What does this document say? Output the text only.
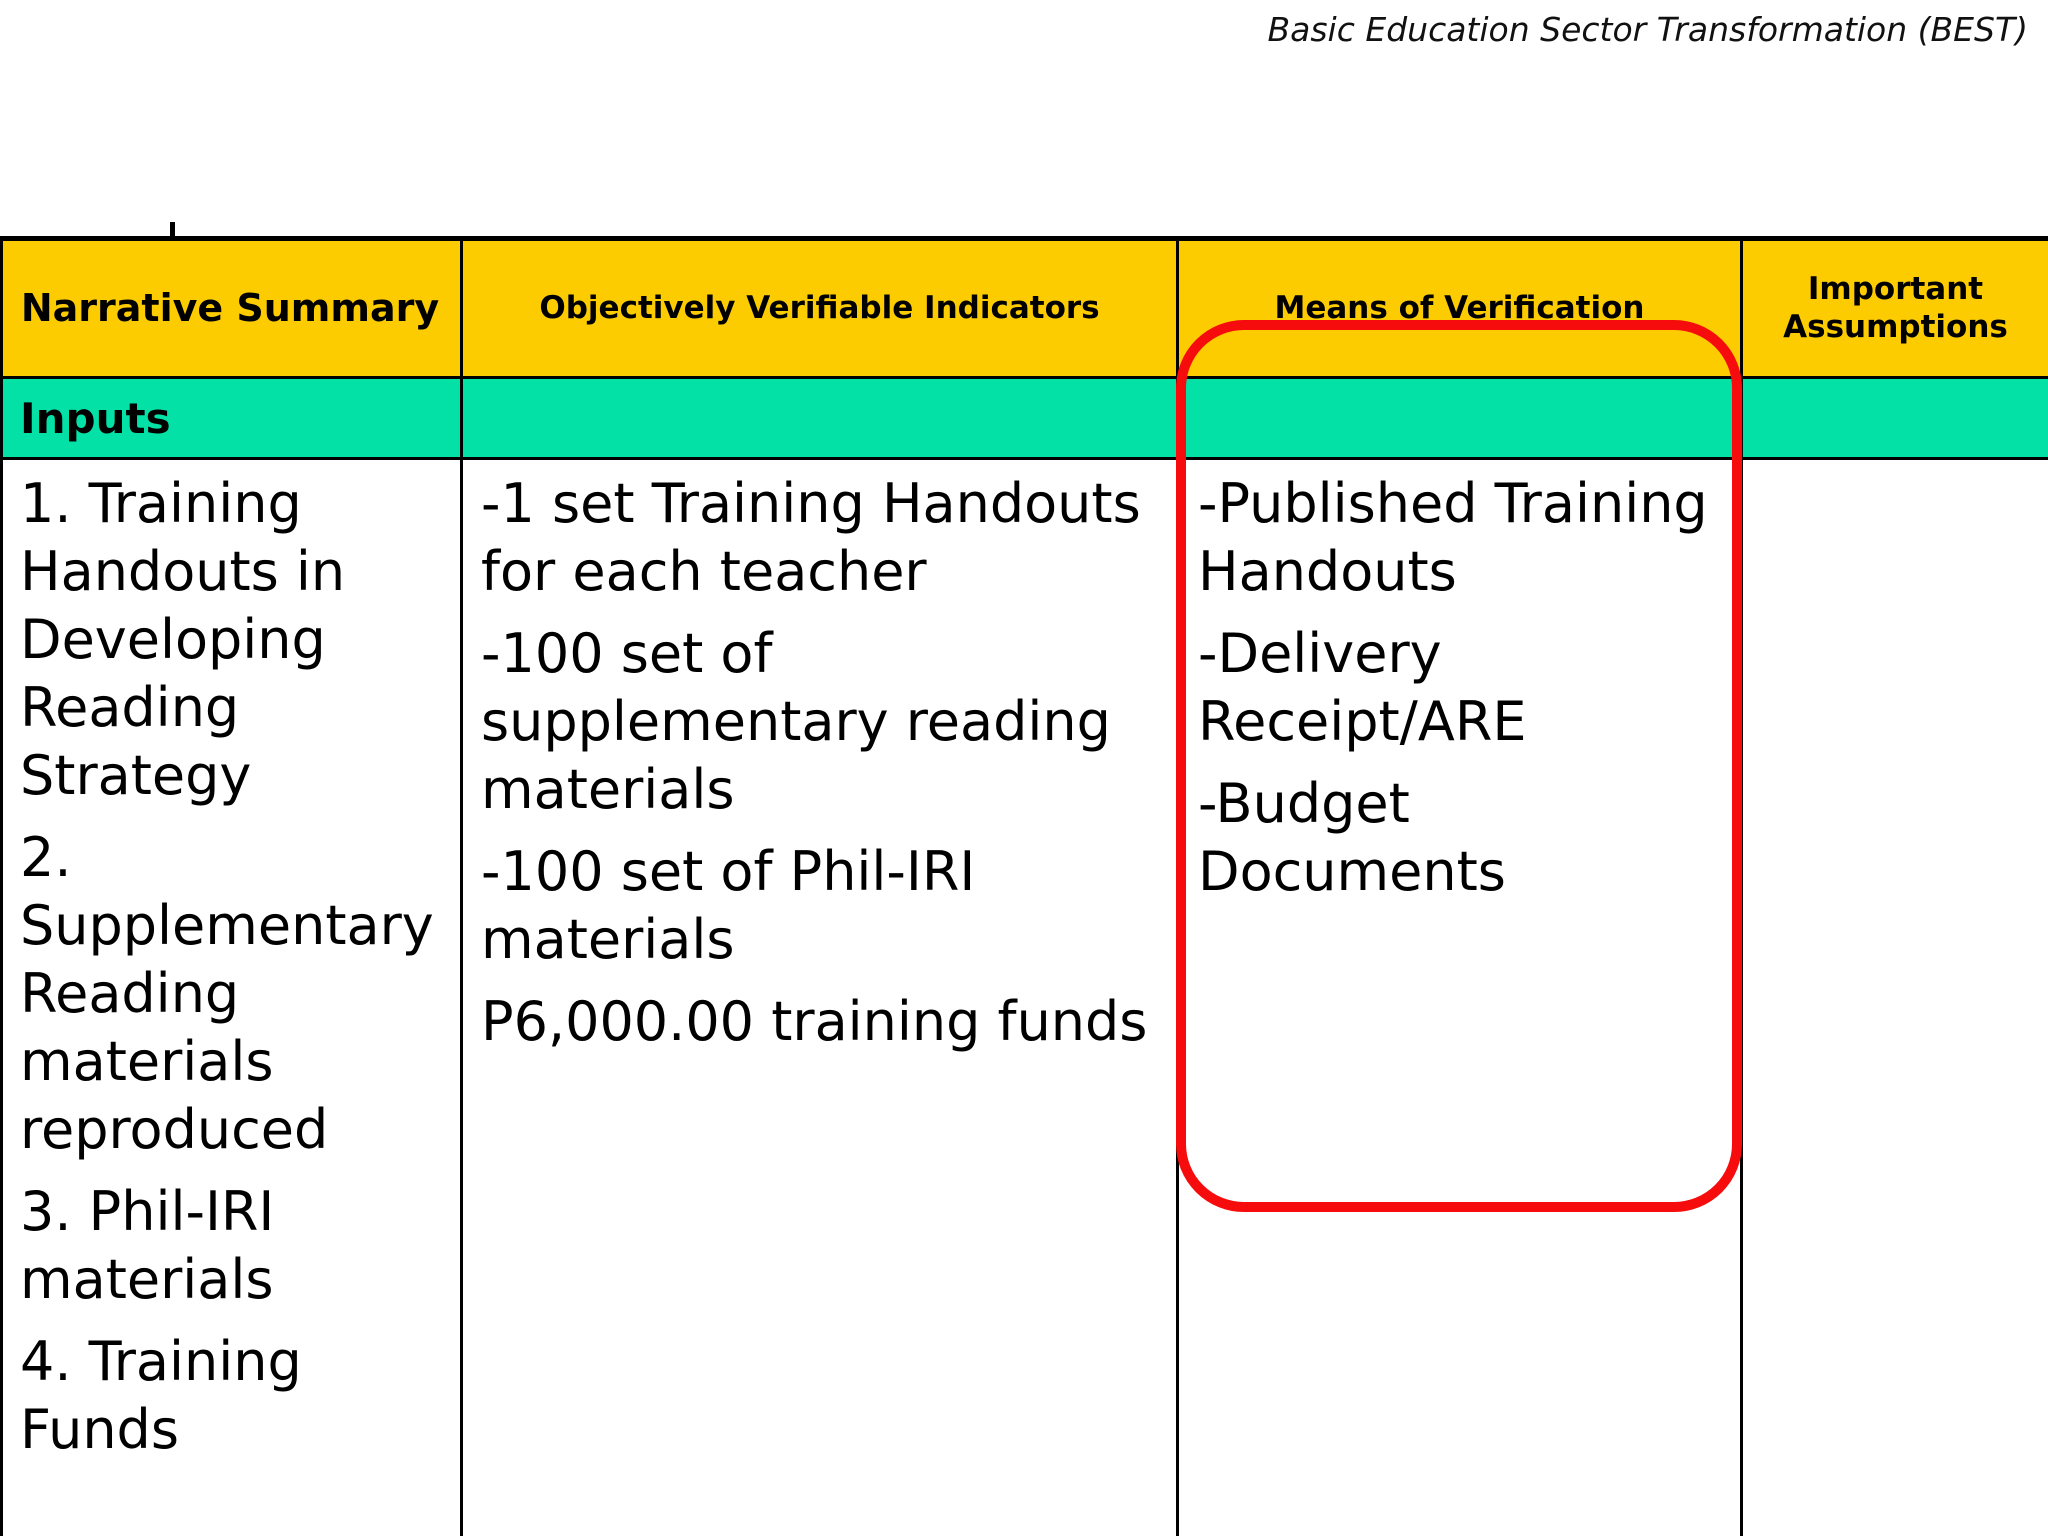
Basic Education Sector Transformation (BEST)
Narrative Summary	Objectively Verifiable Indicators	Means of Verification
Important Assumptions
Inputs

1. Training Handouts in Developing Reading Strategy

2. Supplementary Reading materials reproduced

3. Phil-IRI materials

4. Training Funds

-1 set Training Handouts for each teacher

-100 set of supplementary reading materials

-100 set of Phil-IRI materials

P6,000.00 training funds

-Published Training Handouts

-Delivery Receipt/ARE

-Budget Documents
